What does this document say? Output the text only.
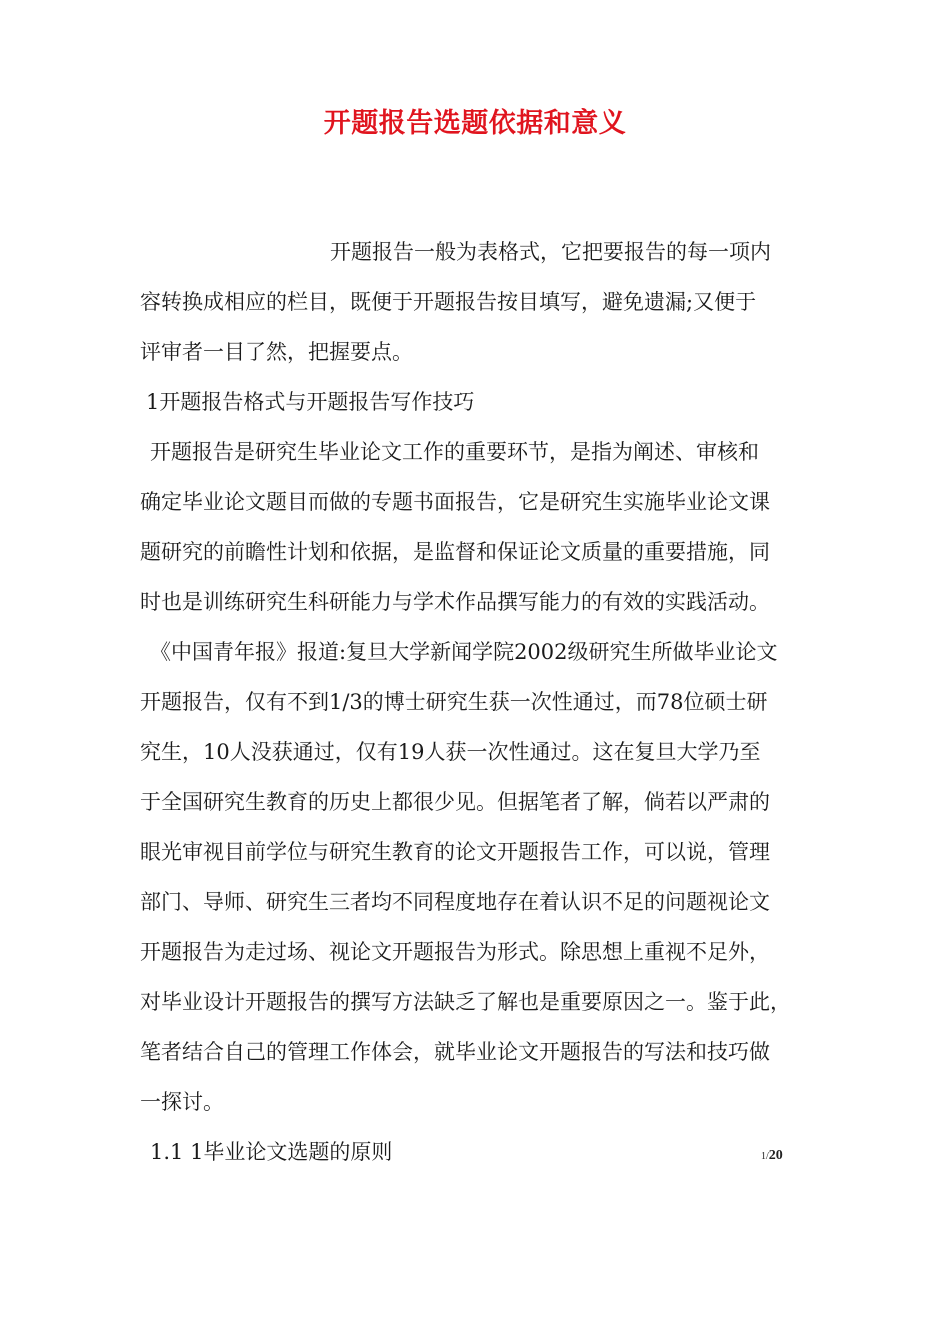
开题报告选题依据和意义
开题报告一般为表格式，它把要报告的每一项内
容转换成相应的栏目，既便于开题报告按目填写，避免遗漏;又便于
评审者一目了然，把握要点。
1开题报告格式与开题报告写作技巧
开题报告是研究生毕业论文工作的重要环节，是指为阐述、审核和
确定毕业论文题目而做的专题书面报告，它是研究生实施毕业论文课
题研究的前瞻性计划和依据，是监督和保证论文质量的重要措施，同
时也是训练研究生科研能力与学术作品撰写能力的有效的实践活动。
《中国青年报》报道:复旦大学新闻学院2002级研究生所做毕业论文
开题报告，仅有不到1/3的博士研究生获一次性通过，而78位硕士研
究生，10人没获通过，仅有19人获一次性通过。这在复旦大学乃至
于全国研究生教育的历史上都很少见。但据笔者了解，倘若以严肃的
眼光审视目前学位与研究生教育的论文开题报告工作，可以说，管理
部门、导师、研究生三者均不同程度地存在着认识不足的问题视论文
开题报告为走过场、视论文开题报告为形式。除思想上重视不足外，
对毕业设计开题报告的撰写方法缺乏了解也是重要原因之一。鉴于此，
笔者结合自己的管理工作体会，就毕业论文开题报告的写法和技巧做
一探讨。
1.1 1毕业论文选题的原则	1/20
